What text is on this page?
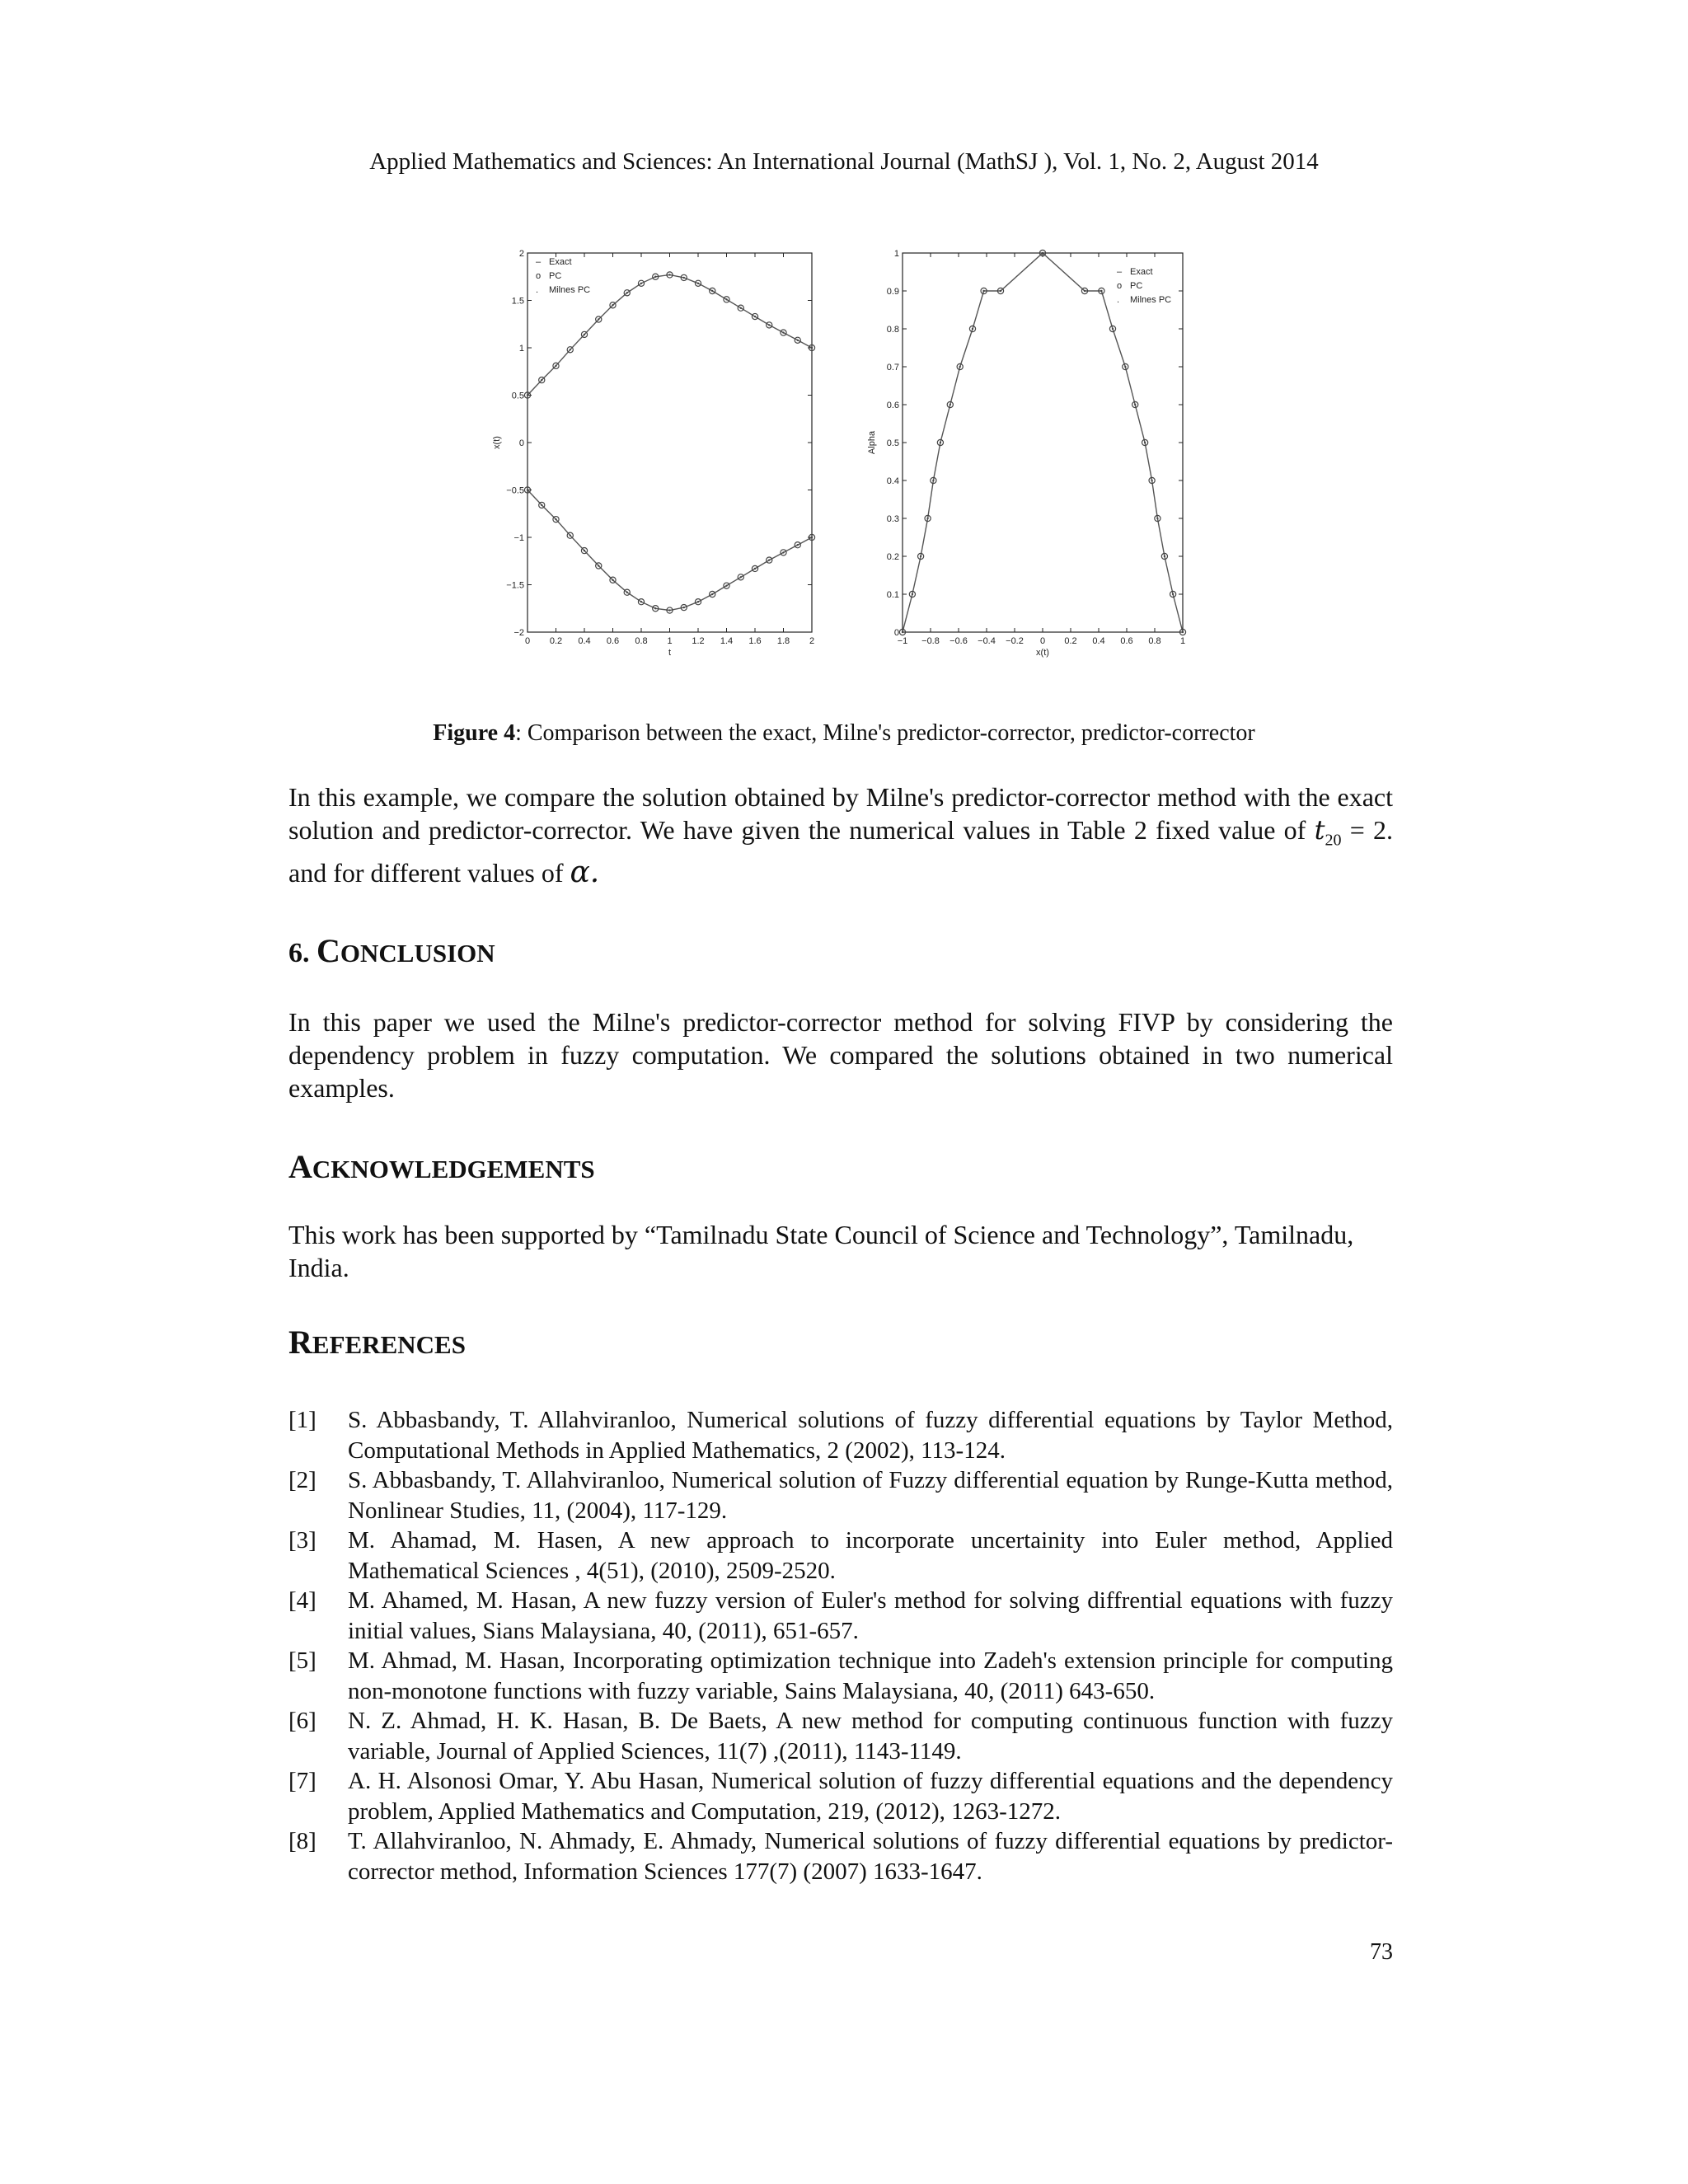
Applied Mathematics and Sciences: An International Journal (MathSJ ), Vol. 1, No. 2, August 2014
0 0.2 0.4 0.6 0.8 1 1.2 1.4 1.6 1.8 2
−2
−1.5
−1
−0.5
0
0.5
1
1.5
2
t
x(t)
– Exact
o PC
. Milnes PC
−1 −0.8 −0.6 −0.4 −0.2 0 0.2 0.4 0.6 0.8 1
0
0.1
0.2
0.3
0.4
0.5
0.6
0.7
0.8
0.9
1
x(t)
Alpha
– Exact
o PC
. Milnes PC
Figure 4: Comparison between the exact, Milne's predictor-corrector, predictor-corrector
In this example, we compare the solution obtained by Milne's predictor-corrector method with the exact solution and predictor-corrector. We have given the numerical values in Table 2 fixed value of $t_{20} = 2$. and for different values of α.
6. CONCLUSION
In this paper we used the Milne's predictor-corrector method for solving FIVP by considering the dependency problem in fuzzy computation. We compared the solutions obtained in two numerical examples.
ACKNOWLEDGEMENTS
This work has been supported by “Tamilnadu State Council of Science and Technology”, Tamilnadu, India.
REFERENCES
[1] S. Abbasbandy, T. Allahviranloo, Numerical solutions of fuzzy differential equations by Taylor Method, Computational Methods in Applied Mathematics, 2 (2002), 113-124.
[2] S. Abbasbandy, T. Allahviranloo, Numerical solution of Fuzzy differential equation by Runge-Kutta method, Nonlinear Studies, 11, (2004), 117-129.
[3] M. Ahamad, M. Hasen, A new approach to incorporate uncertainity into Euler method, Applied Mathematical Sciences , 4(51), (2010), 2509-2520.
[4] M. Ahamed, M. Hasan, A new fuzzy version of Euler's method for solving diffrential equations with fuzzy initial values, Sians Malaysiana, 40, (2011), 651-657.
[5] M. Ahmad, M. Hasan, Incorporating optimization technique into Zadeh's extension principle for computing non-monotone functions with fuzzy variable, Sains Malaysiana, 40, (2011) 643-650.
[6] N. Z. Ahmad, H. K. Hasan, B. De Baets, A new method for computing continuous function with fuzzy variable, Journal of Applied Sciences, 11(7) ,(2011), 1143-1149.
[7] A. H. Alsonosi Omar, Y. Abu Hasan, Numerical solution of fuzzy differential equations and the dependency problem, Applied Mathematics and Computation, 219, (2012), 1263-1272.
[8] T. Allahviranloo, N. Ahmady, E. Ahmady, Numerical solutions of fuzzy differential equations by predictor-corrector method, Information Sciences 177(7) (2007) 1633-1647.
73
